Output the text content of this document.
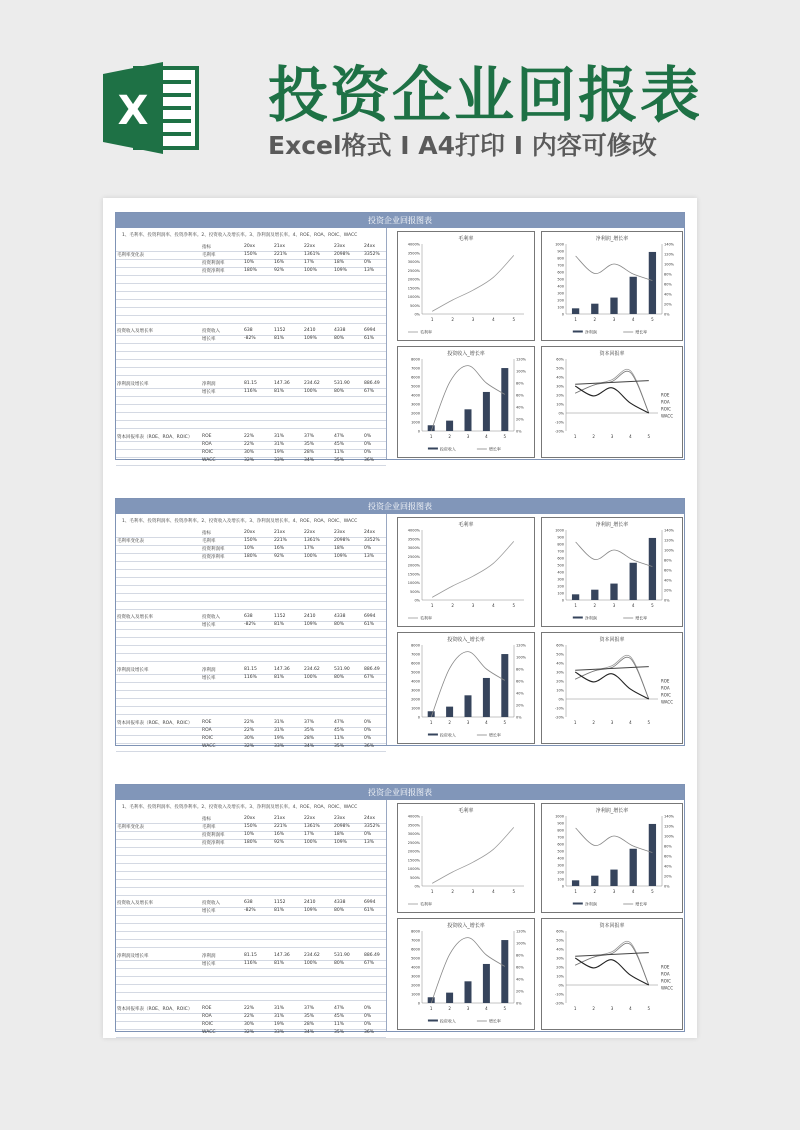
X 投资企业回报表
Excel格式 I A4打印 I 内容可修改
投资企业回报图表
1、毛利率、投资利润率、投资净利率。2、投资收入及增长率。3、净利润及增长率。4、ROE、ROA、ROIC、WACC
指标	20xx	21xx	22xx	23xx	24xx
毛利率变化表	毛利率	150%	221%	1361%	2098%	3352%
投资利润率	10%	16%	17%	18%	0%
投资净利率	180%	92%	100%	109%	13%
投资收入及增长率	投资收入	638	1152	2410	4338	6994
增长率	-82%	81%	109%	80%	61%
净利润及增长率	净利润	81.15	147.36	234.62	531.90	886.49
增长率	116%	81%	100%	80%	67%
资本回报率表（ROE、ROA、ROIC） ROE	22%	31%	37%	47%	0%
ROA	22%	31%	35%	45%	0%
ROIC	30%	19%	28%	11%	0%
WACC	32%	33%	34%	35%	36%
毛利率
0%
500%
1000%
1500%
2000%
2500%
3000%
3500%
4000%
1	2	3	4	5
毛利率
净利润_增长率
0
100
200
300
400
500
600
700
800
900
1000
0%
20%
40%
60%
80%
100%
120%
140%
1	2	3	4	5
净利润	增长率
投资收入_增长率
0
1000
2000
3000
4000
5000
6000
7000
8000
0%
20%
40%
60%
80%
100%
120%
1	2	3	4	5
投资收入	增长率
资本回报率
-20%
-10%
0%
10%
20%
30%
40%
50%
60%
1	2	3	4	5
ROE
ROA
ROIC
WACC
投资企业回报图表
1、毛利率、投资利润率、投资净利率。2、投资收入及增长率。3、净利润及增长率。4、ROE、ROA、ROIC、WACC
指标	20xx	21xx	22xx	23xx	24xx
毛利率变化表	毛利率	150%	221%	1361%	2098%	3352%
投资利润率	10%	16%	17%	18%	0%
投资净利率	180%	92%	100%	109%	13%
投资收入及增长率	投资收入	638	1152	2410	4338	6994
增长率	-82%	81%	109%	80%	61%
净利润及增长率	净利润	81.15	147.36	234.62	531.90	886.49
增长率	116%	81%	100%	80%	67%
资本回报率表（ROE、ROA、ROIC） ROE	22%	31%	37%	47%	0%
ROA	22%	31%	35%	45%	0%
ROIC	30%	19%	28%	11%	0%
WACC	32%	33%	34%	35%	36%
毛利率
0%
500%
1000%
1500%
2000%
2500%
3000%
3500%
4000%
1	2	3	4	5
毛利率
净利润_增长率
0
100
200
300
400
500
600
700
800
900
1000
0%
20%
40%
60%
80%
100%
120%
140%
1	2	3	4	5
净利润	增长率
投资收入_增长率
0
1000
2000
3000
4000
5000
6000
7000
8000
0%
20%
40%
60%
80%
100%
120%
1	2	3	4	5
投资收入	增长率
资本回报率
-20%
-10%
0%
10%
20%
30%
40%
50%
60%
1	2	3	4	5
ROE
ROA
ROIC
WACC
投资企业回报图表
1、毛利率、投资利润率、投资净利率。2、投资收入及增长率。3、净利润及增长率。4、ROE、ROA、ROIC、WACC
指标	20xx	21xx	22xx	23xx	24xx
毛利率变化表	毛利率	150%	221%	1361%	2098%	3352%
投资利润率	10%	16%	17%	18%	0%
投资净利率	180%	92%	100%	109%	13%
投资收入及增长率	投资收入	638	1152	2410	4338	6994
增长率	-82%	81%	109%	80%	61%
净利润及增长率	净利润	81.15	147.36	234.62	531.90	886.49
增长率	116%	81%	100%	80%	67%
资本回报率表（ROE、ROA、ROIC） ROE	22%	31%	37%	47%	0%
ROA	22%	31%	35%	45%	0%
ROIC	30%	19%	28%	11%	0%
WACC	32%	33%	34%	35%	36%
毛利率
0%
500%
1000%
1500%
2000%
2500%
3000%
3500%
4000%
1	2	3	4	5
毛利率
净利润_增长率
0
100
200
300
400
500
600
700
800
900
1000
0%
20%
40%
60%
80%
100%
120%
140%
1	2	3	4	5
净利润	增长率
投资收入_增长率
0
1000
2000
3000
4000
5000
6000
7000
8000
0%
20%
40%
60%
80%
100%
120%
1	2	3	4	5
投资收入	增长率
资本回报率
-20%
-10%
0%
10%
20%
30%
40%
50%
60%
1	2	3	4	5
ROE
ROA
ROIC
WACC
